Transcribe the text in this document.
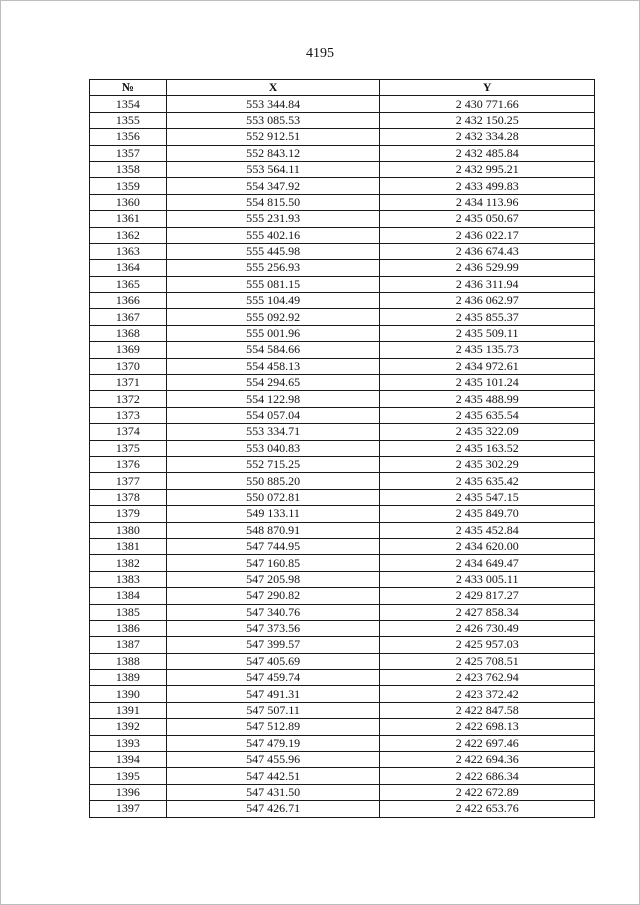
4195
№	X	Y
1354	553 344.84	2 430 771.66
1355	553 085.53	2 432 150.25
1356	552 912.51	2 432 334.28
1357	552 843.12	2 432 485.84
1358	553 564.11	2 432 995.21
1359	554 347.92	2 433 499.83
1360	554 815.50	2 434 113.96
1361	555 231.93	2 435 050.67
1362	555 402.16	2 436 022.17
1363	555 445.98	2 436 674.43
1364	555 256.93	2 436 529.99
1365	555 081.15	2 436 311.94
1366	555 104.49	2 436 062.97
1367	555 092.92	2 435 855.37
1368	555 001.96	2 435 509.11
1369	554 584.66	2 435 135.73
1370	554 458.13	2 434 972.61
1371	554 294.65	2 435 101.24
1372	554 122.98	2 435 488.99
1373	554 057.04	2 435 635.54
1374	553 334.71	2 435 322.09
1375	553 040.83	2 435 163.52
1376	552 715.25	2 435 302.29
1377	550 885.20	2 435 635.42
1378	550 072.81	2 435 547.15
1379	549 133.11	2 435 849.70
1380	548 870.91	2 435 452.84
1381	547 744.95	2 434 620.00
1382	547 160.85	2 434 649.47
1383	547 205.98	2 433 005.11
1384	547 290.82	2 429 817.27
1385	547 340.76	2 427 858.34
1386	547 373.56	2 426 730.49
1387	547 399.57	2 425 957.03
1388	547 405.69	2 425 708.51
1389	547 459.74	2 423 762.94
1390	547 491.31	2 423 372.42
1391	547 507.11	2 422 847.58
1392	547 512.89	2 422 698.13
1393	547 479.19	2 422 697.46
1394	547 455.96	2 422 694.36
1395	547 442.51	2 422 686.34
1396	547 431.50	2 422 672.89
1397	547 426.71	2 422 653.76
